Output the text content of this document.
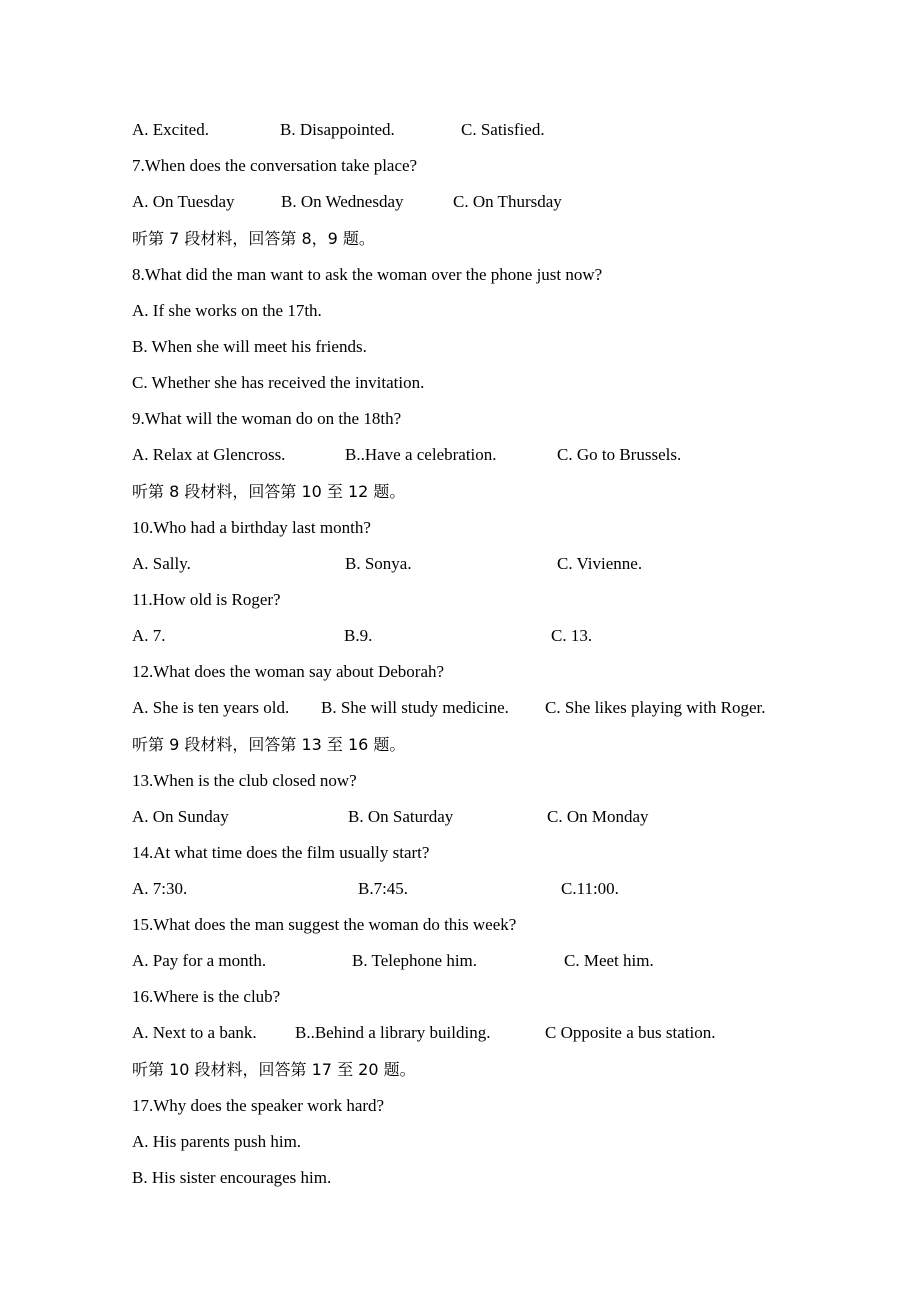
A. Excited.	B. Disappointed.	C. Satisfied.
7.When does the conversation take place?
A. On Tuesday	B. On Wednesday	C. On Thursday
听第 7 段材料，回答第 8，9 题。
8.What did the man want to ask the woman over the phone just now?
A. If she works on the 17th.
B. When she will meet his friends.
C. Whether she has received the invitation.
9.What will the woman do on the 18th?
A. Relax at Glencross.	B..Have a celebration.	C. Go to Brussels.
听第 8 段材料，回答第 10 至 12 题。
10.Who had a birthday last month?
A. Sally.	B. Sonya.	C. Vivienne.
11.How old is Roger?
A. 7.	B.9.	C. 13.
12.What does the woman say about Deborah?
A. She is ten years old. B. She will study medicine. C. She likes playing with Roger.
听第 9 段材料，回答第 13 至 16 题。
13.When is the club closed now?
A. On Sunday	B. On Saturday	C. On Monday
14.At what time does the film usually start?
A. 7:30.	B.7:45.	C.11:00.
15.What does the man suggest the woman do this week?
A. Pay for a month.	B. Telephone him.	C. Meet him.
16.Where is the club?
A. Next to a bank. B..Behind a library building.	C Opposite a bus station.
听第 10 段材料，回答第 17 至 20 题。
17.Why does the speaker work hard?
A. His parents push him.
B. His sister encourages him.
